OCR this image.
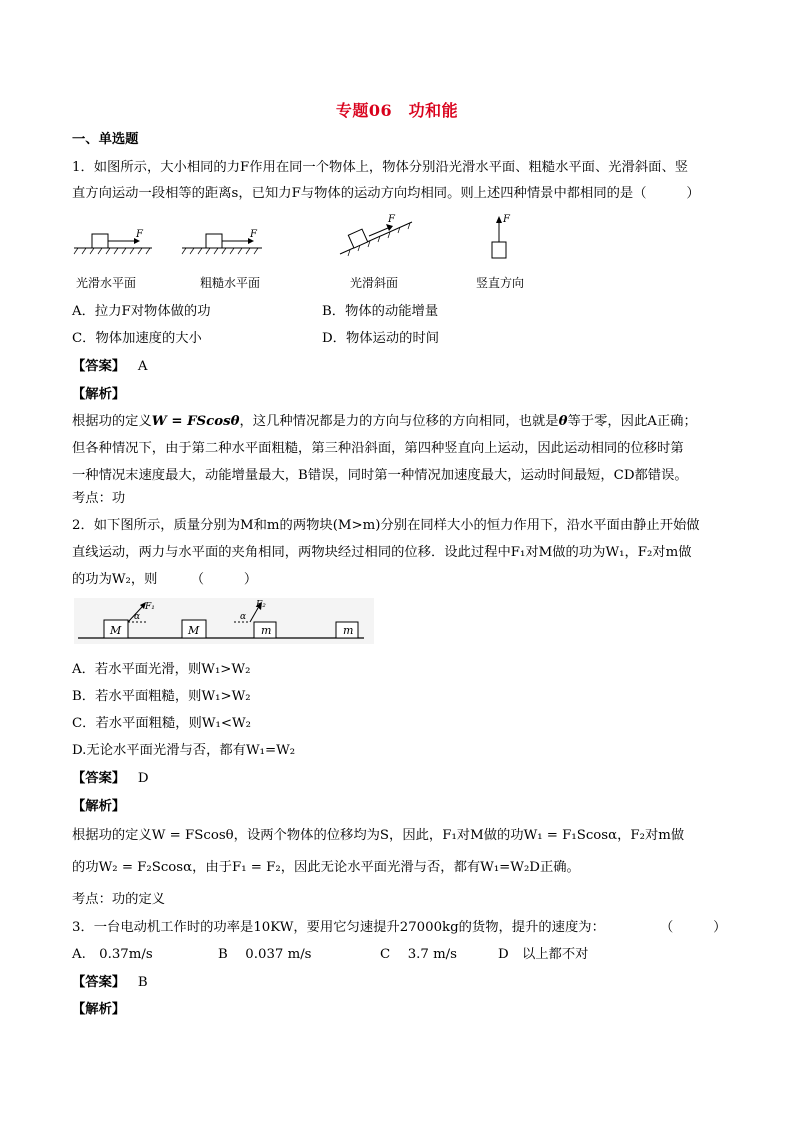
专题06　功和能
一、单选题
1．如图所示，大小相同的力F作用在同一个物体上，物体分别沿光滑水平面、粗糙水平面、光滑斜面、竖
直方向运动一段相等的距离s，已知力F与物体的运动方向均相同。则上述四种情景中都相同的是（　　　）
F	F
F	F
光滑水平面	粗糙水平面	光滑斜面	竖直方向
A．拉力F对物体做的功	B．物体的动能增量
C．物体加速度的大小	D．物体运动的时间
【答案】 A
【解析】
根据功的定义W = FScosθ，这几种情况都是力的方向与位移的方向相同，也就是θ等于零，因此A正确；
但各种情况下，由于第二种水平面粗糙，第三种沿斜面，第四种竖直向上运动，因此运动相同的位移时第
一种情况末速度最大，动能增量最大，B错误，同时第一种情况加速度最大，运动时间最短，CD都错误。
考点：功
2．如下图所示，质量分别为M和m的两物块(M>m)分别在同样大小的恒力作用下，沿水平面由静止开始做
直线运动，两力与水平面的夹角相同，两物块经过相同的位移．设此过程中F₁对M做的功为W₁，F₂对m做
的功为W₂，则　　　（　　　）
M
F₁
α
M	m
F₂
α
m
A．若水平面光滑，则W₁>W₂
B．若水平面粗糙，则W₁>W₂
C．若水平面粗糙，则W₁<W₂
D.无论水平面光滑与否，都有W₁=W₂
【答案】 D
【解析】
根据功的定义W = FScosθ，设两个物体的位移均为S，因此，F₁对M做的功W₁ = F₁Scosα，F₂对m做
的功W₂ = F₂Scosα，由于F₁ = F₂，因此无论水平面光滑与否，都有W₁=W₂D正确。
考点：功的定义
3．一台电动机工作时的功率是10KW，要用它匀速提升27000kg的货物，提升的速度为：	（　　　）
A.　0.37m/s	B　 0.037 m/s	C　 3.7 m/s	D　以上都不对
【答案】 B
【解析】
